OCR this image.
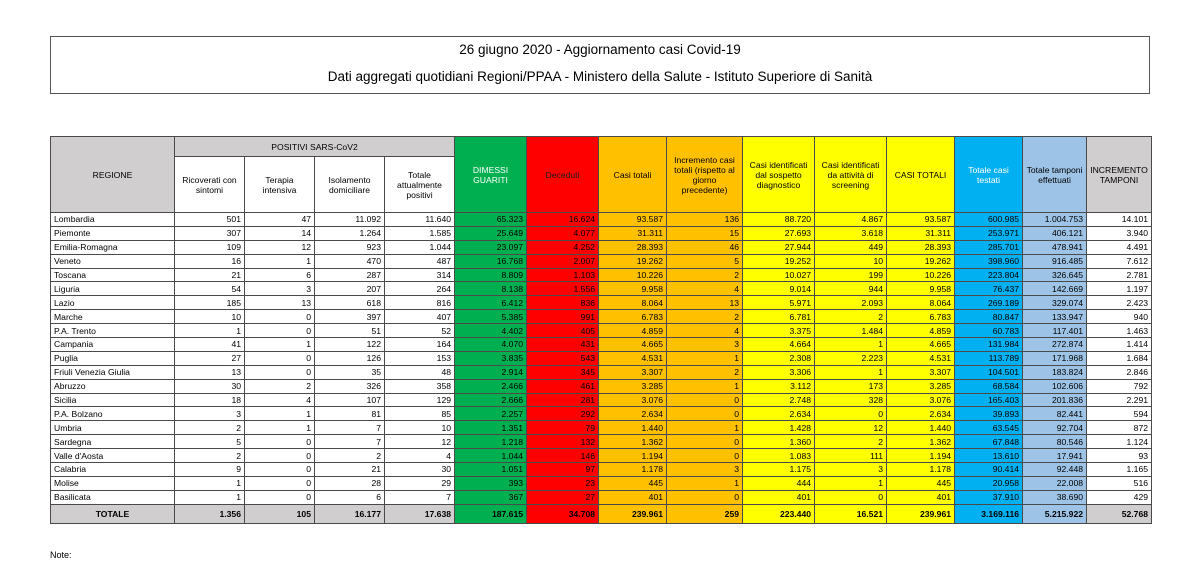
26 giugno 2020 - Aggiornamento casi Covid-19
Dati aggregati quotidiani Regioni/PPAA - Ministero della Salute - Istituto Superiore di Sanità
REGIONE	POSITIVI SARS-CoV2				DIMESSI GUARITI	Deceduti	Casi totali	Incremento casi totali (rispetto al giorno precedente)	Casi identificati dal sospetto diagnostico	Casi identificati da attività di screening	CASI TOTALI	Totale casi testati	Totale tamponi effettuati	INCREMENTO TAMPONI
	Ricoverati con sintomi	Terapia intensiva	Isolamento domiciliare	Totale attualmente positivi										
Lombardia	501	47	11.092	11.640	65.323	16.624	93.587	136	88.720	4.867	93.587	600.985	1.004.753	14.101
Piemonte	307	14	1.264	1.585	25.649	4.077	31.311	15	27.693	3.618	31.311	253.971	406.121	3.940
Emilia-Romagna	109	12	923	1.044	23.097	4.252	28.393	46	27.944	449	28.393	285.701	478.941	4.491
Veneto	16	1	470	487	16.768	2.007	19.262	5	19.252	10	19.262	398.960	916.485	7.612
Toscana	21	6	287	314	8.809	1.103	10.226	2	10.027	199	10.226	223.804	326.645	2.781
Liguria	54	3	207	264	8.138	1.556	9.958	4	9.014	944	9.958	76.437	142.669	1.197
Lazio	185	13	618	816	6.412	836	8.064	13	5.971	2.093	8.064	269.189	329.074	2.423
Marche	10	0	397	407	5.385	991	6.783	2	6.781	2	6.783	80.847	133.947	940
P.A. Trento	1	0	51	52	4.402	405	4.859	4	3.375	1.484	4.859	60.783	117.401	1.463
Campania	41	1	122	164	4.070	431	4.665	3	4.664	1	4.665	131.984	272.874	1.414
Puglia	27	0	126	153	3.835	543	4.531	1	2.308	2.223	4.531	113.789	171.968	1.684
Friuli Venezia Giulia	13	0	35	48	2.914	345	3.307	2	3.306	1	3.307	104.501	183.824	2.846
Abruzzo	30	2	326	358	2.466	461	3.285	1	3.112	173	3.285	68.584	102.606	792
Sicilia	18	4	107	129	2.666	281	3.076	0	2.748	328	3.076	165.403	201.836	2.291
P.A. Bolzano	3	1	81	85	2.257	292	2.634	0	2.634	0	2.634	39.893	82.441	594
Umbria	2	1	7	10	1.351	79	1.440	1	1.428	12	1.440	63.545	92.704	872
Sardegna	5	0	7	12	1.218	132	1.362	0	1.360	2	1.362	67.848	80.546	1.124
Valle d'Aosta	2	0	2	4	1.044	146	1.194	0	1.083	111	1.194	13.610	17.941	93
Calabria	9	0	21	30	1.051	97	1.178	3	1.175	3	1.178	90.414	92.448	1.165
Molise	1	0	28	29	393	23	445	1	444	1	445	20.958	22.008	516
Basilicata	1	0	6	7	367	27	401	0	401	0	401	37.910	38.690	429
TOTALE	1.356	105	16.177	17.638	187.615	34.708	239.961	259	223.440	16.521	239.961	3.169.116	5.215.922	52.768
Note:
